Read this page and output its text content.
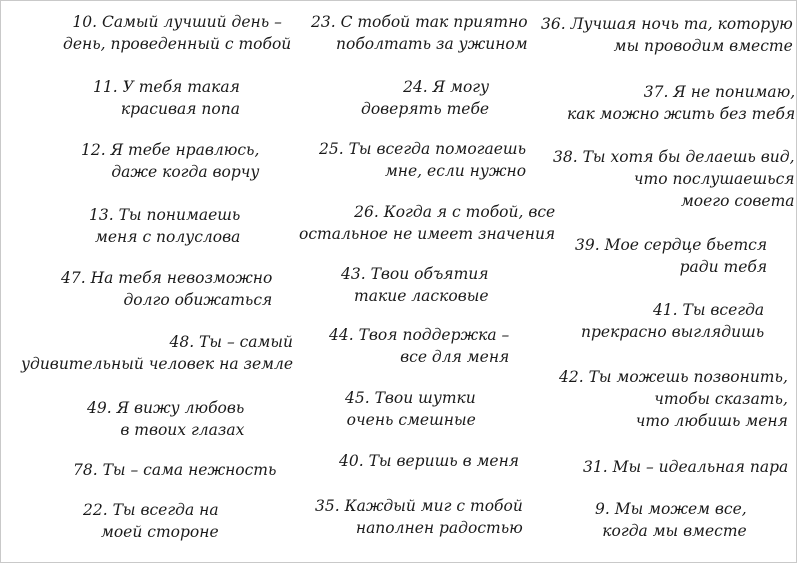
10. Самый лучший день –
день, проведенный с тобой
11. У тебя такая
красивая попа
12. Я тебе нравлюсь,
даже когда ворчу
13. Ты понимаешь
меня с полуслова
47. На тебя невозможно
долго обижаться
48. Ты – самый
удивительный человек на земле
49. Я вижу любовь
в твоих глазах
78. Ты – сама нежность
22. Ты всегда на
моей стороне
23. С тобой так приятно
поболтать за ужином
24. Я могу
доверять тебе
25. Ты всегда помогаешь
мне, если нужно
26. Когда я с тобой, все
остальное не имеет значения
43. Твои объятия
такие ласковые
44. Твоя поддержка –
все для меня
45. Твои шутки
очень смешные
40. Ты веришь в меня
35. Каждый миг с тобой
наполнен радостью
36. Лучшая ночь та, которую
мы проводим вместе
37. Я не понимаю,
как можно жить без тебя
38. Ты хотя бы делаешь вид,
что послушаешься
моего совета
39. Мое сердце бьется
ради тебя
41. Ты всегда
прекрасно выглядишь
42. Ты можешь позвонить,
чтобы сказать,
что любишь меня
31. Мы – идеальная пара
9. Мы можем все,
когда мы вместе
